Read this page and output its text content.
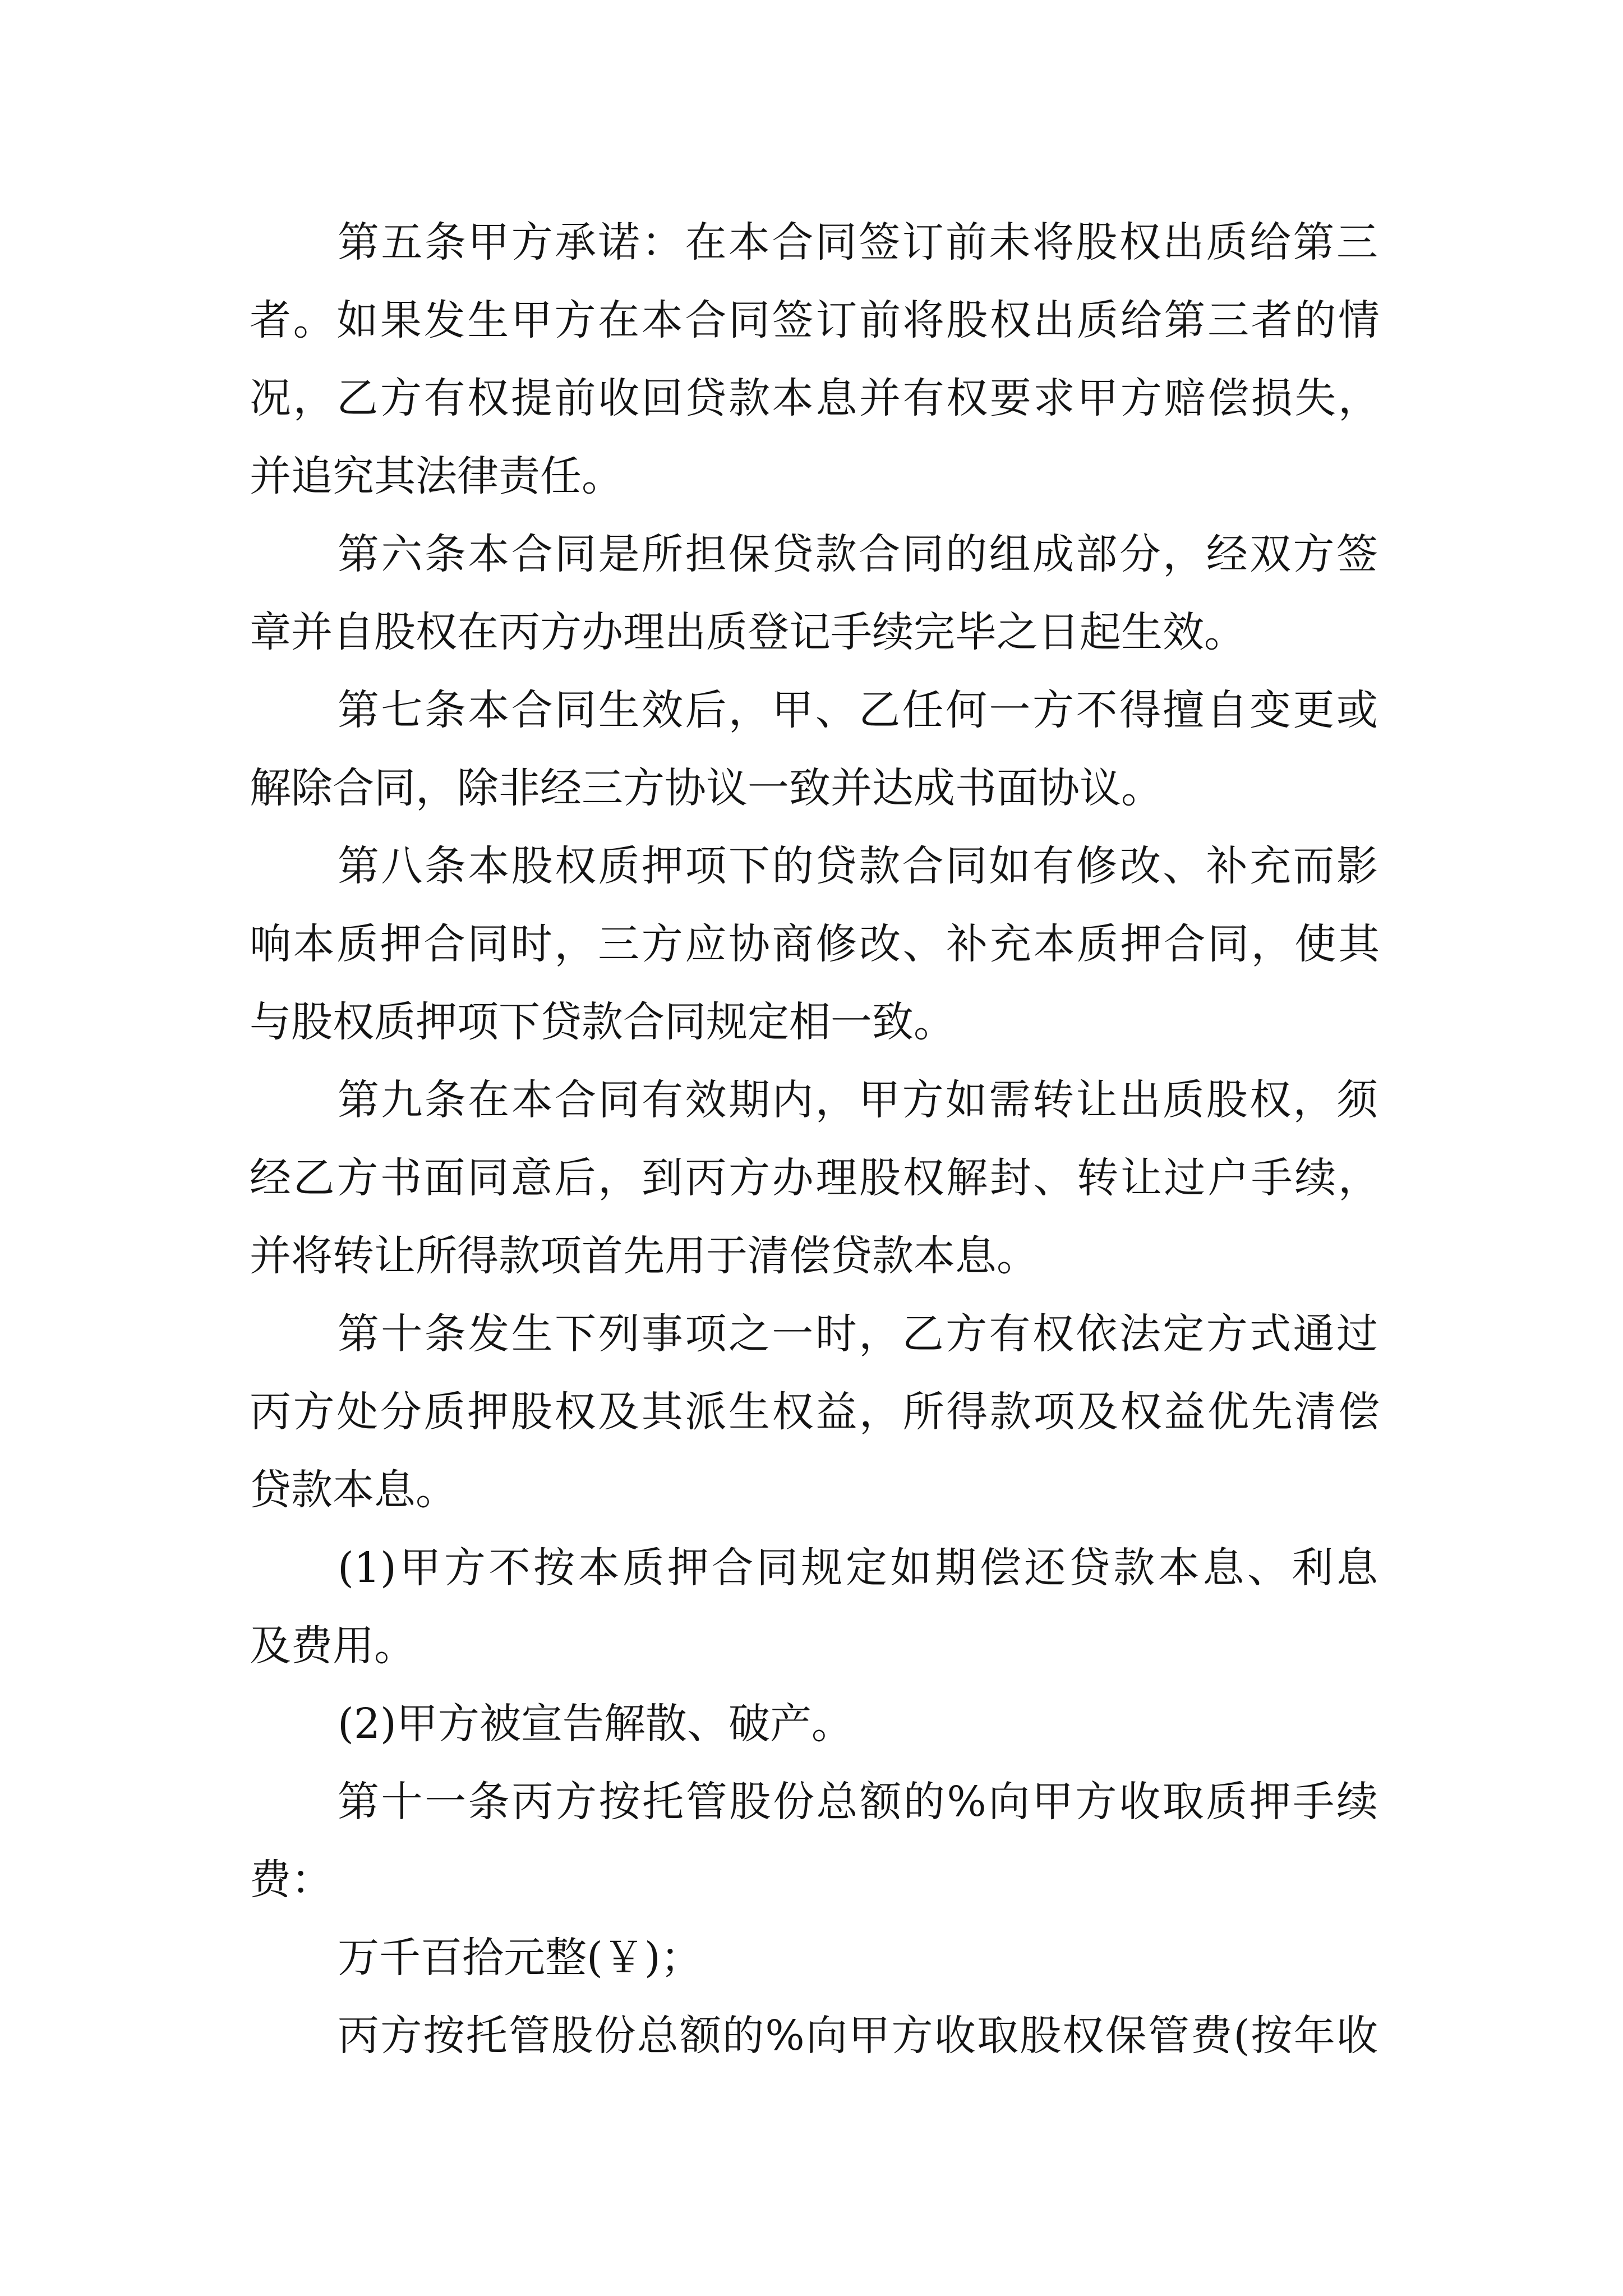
第五条甲方承诺：在本合同签订前未将股权出质给第三

者。如果发生甲方在本合同签订前将股权出质给第三者的情

况，乙方有权提前收回贷款本息并有权要求甲方赔偿损失，

并追究其法律责任。

第六条本合同是所担保贷款合同的组成部分，经双方签

章并自股权在丙方办理出质登记手续完毕之日起生效。

第七条本合同生效后，甲、乙任何一方不得擅自变更或

解除合同，除非经三方协议一致并达成书面协议。

第八条本股权质押项下的贷款合同如有修改、补充而影

响本质押合同时，三方应协商修改、补充本质押合同，使其

与股权质押项下贷款合同规定相一致。

第九条在本合同有效期内，甲方如需转让出质股权，须

经乙方书面同意后，到丙方办理股权解封、转让过户手续，

并将转让所得款项首先用于清偿贷款本息。

第十条发生下列事项之一时，乙方有权依法定方式通过

丙方处分质押股权及其派生权益，所得款项及权益优先清偿

贷款本息。

(1)甲方不按本质押合同规定如期偿还贷款本息、利息

及费用。

(2)甲方被宣告解散、破产。

第十一条丙方按托管股份总额的%向甲方收取质押手续

费：

万千百拾元整(￥)；

丙方按托管股份总额的%向甲方收取股权保管费(按年收
